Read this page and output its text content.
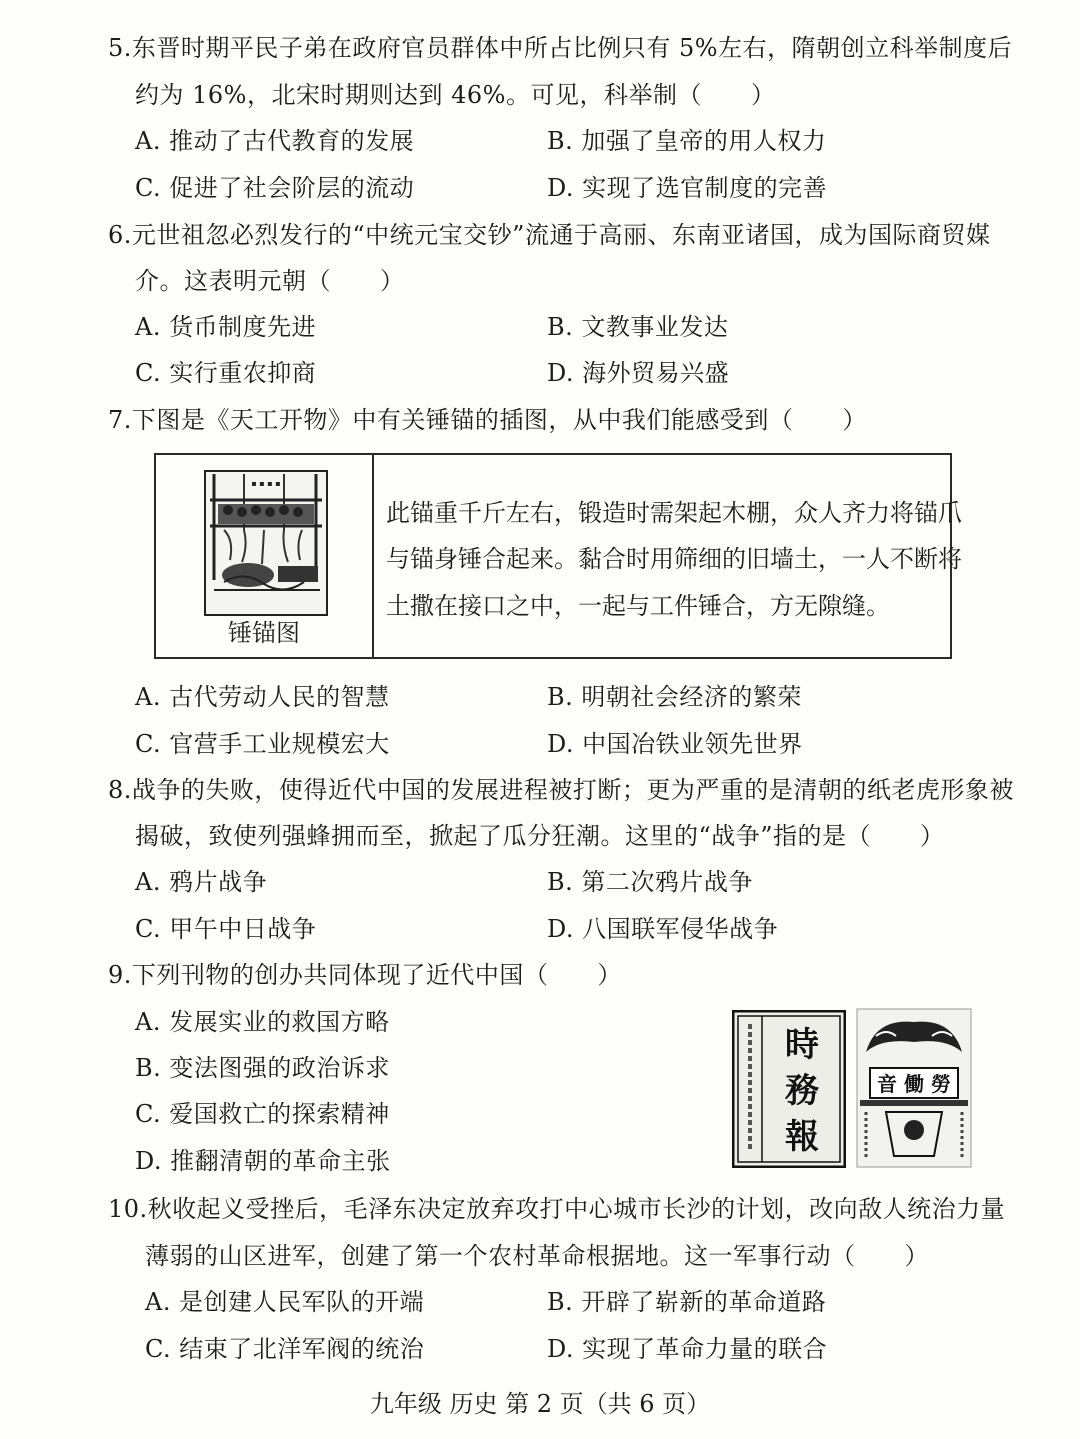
5.东晋时期平民子弟在政府官员群体中所占比例只有 5%左右，隋朝创立科举制度后
约为 16%，北宋时期则达到 46%。可见，科举制（　　）
A. 推动了古代教育的发展	B. 加强了皇帝的用人权力
C. 促进了社会阶层的流动	D. 实现了选官制度的完善
6.元世祖忽必烈发行的“中统元宝交钞”流通于高丽、东南亚诸国，成为国际商贸媒
介。这表明元朝（　　）
A. 货币制度先进	B. 文教事业发达
C. 实行重农抑商	D. 海外贸易兴盛
7.下图是《天工开物》中有关锤锚的插图，从中我们能感受到（　　）
▪ ▪ ▪ ▪
锤锚图
此锚重千斤左右，锻造时需架起木棚，众人齐力将锚爪
与锚身锤合起来。黏合时用筛细的旧墙土，一人不断将
土撒在接口之中，一起与工件锤合，方无隙缝。
A. 古代劳动人民的智慧	B. 明朝社会经济的繁荣
C. 官营手工业规模宏大	D. 中国冶铁业领先世界
8.战争的失败，使得近代中国的发展进程被打断；更为严重的是清朝的纸老虎形象被
揭破，致使列强蜂拥而至，掀起了瓜分狂潮。这里的“战争”指的是（　　）
A. 鸦片战争	B. 第二次鸦片战争
C. 甲午中日战争	D. 八国联军侵华战争
9.下列刊物的创办共同体现了近代中国（　　）
A. 发展实业的救国方略
B. 变法图强的政治诉求
C. 爱国救亡的探索精神
D. 推翻清朝的革命主张
時
務
報
音 働 勞
10.秋收起义受挫后，毛泽东决定放弃攻打中心城市长沙的计划，改向敌人统治力量
薄弱的山区进军，创建了第一个农村革命根据地。这一军事行动（　　）
A. 是创建人民军队的开端	B. 开辟了崭新的革命道路
C. 结束了北洋军阀的统治	D. 实现了革命力量的联合
九年级 历史 第 2 页（共 6 页）
